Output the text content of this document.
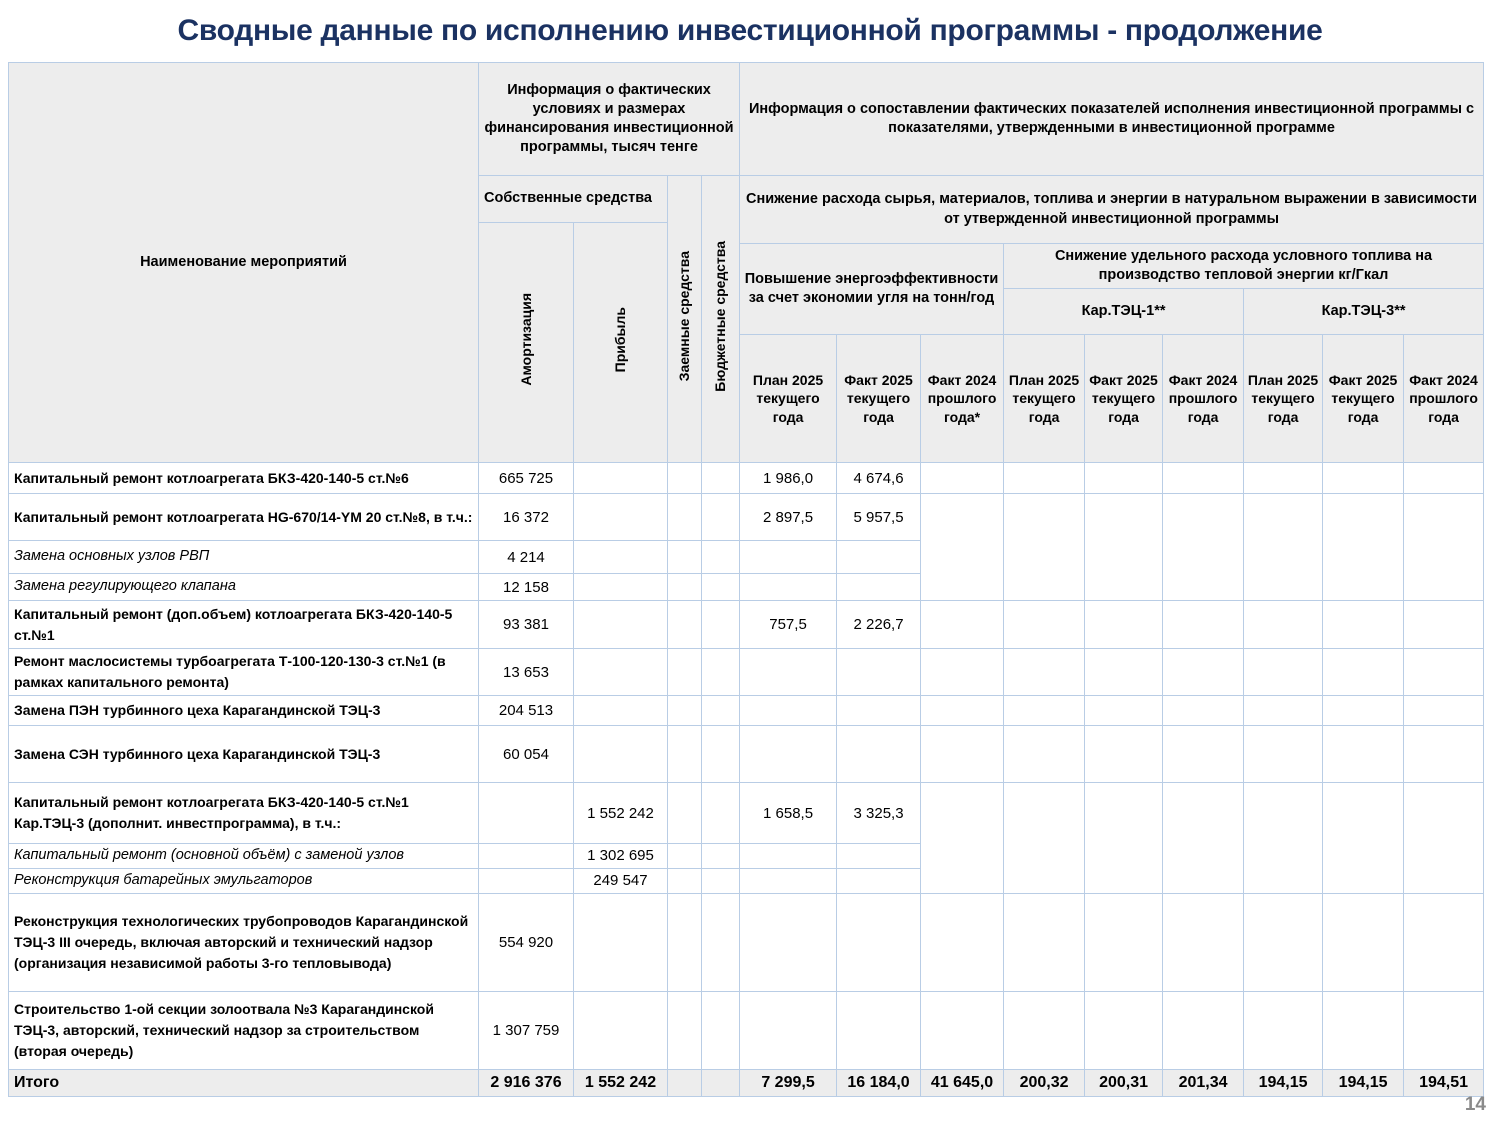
Сводные данные по исполнению инвестиционной программы - продолжение
Наименование мероприятий	Информация о фактических условиях и размерах финансирования инвестиционной программы, тысяч тенге				Информация о сопоставлении фактических показателей исполнения инвестиционной программы с показателями, утвержденными в инвестиционной программе								
	Собственные средства		Заемные средства	Бюджетные средства	Снижение расхода сырья, материалов, топлива и энергии в натуральном выражении в зависимости от утвержденной инвестиционной программы								
	Амортизация	Прибыль											
					Повышение энергоэффективности за счет экономии угля на тонн/год			Снижение удельного расхода условного топлива на производство тепловой энергии кг/Гкал					
								Кар.ТЭЦ-1**			Кар.ТЭЦ-3**		
					План 2025 текущего года	Факт 2025 текущего года	Факт 2024 прошлого года*	План 2025 текущего года	Факт 2025 текущего года	Факт 2024 прошлого года	План 2025 текущего года	Факт 2025 текущего года	Факт 2024 прошлого года
Капитальный ремонт котлоагрегата БКЗ-420-140-5 ст.№6	665 725				1 986,0	4 674,6							
Капитальный ремонт котлоагрегата HG-670/14-YM 20 ст.№8, в т.ч.:	16 372				2 897,5	5 957,5							
Замена основных узлов РВП	4 214												
Замена регулирующего клапана	12 158												
Капитальный ремонт (доп.объем) котлоагрегата БКЗ-420-140-5 ст.№1	93 381				757,5	2 226,7							
Ремонт маслосистемы турбоагрегата Т-100-120-130-3 ст.№1 (в рамках капитального ремонта)	13 653												
Замена ПЭН турбинного цеха Карагандинской ТЭЦ-3	204 513												
Замена СЭН турбинного цеха Карагандинской ТЭЦ-3	60 054												
Капитальный ремонт котлоагрегата БКЗ-420-140-5 ст.№1 Кар.ТЭЦ-3 (дополнит. инвестпрограмма), в т.ч.:		1 552 242			1 658,5	3 325,3							
Капитальный ремонт (основной объём) с заменой узлов		1 302 695											
Реконструкция батарейных эмульгаторов		249 547											
Реконструкция технологических трубопроводов Карагандинской ТЭЦ-3 III очередь, включая авторский и технический надзор (организация независимой работы 3-го тепловывода)	554 920												
Строительство 1-ой секции золоотвала №3 Карагандинской ТЭЦ-3, авторский, технический надзор за строительством (вторая очередь)	1 307 759												
Итого	2 916 376	1 552 242			7 299,5	16 184,0	41 645,0	200,32	200,31	201,34	194,15	194,15	194,51
14
